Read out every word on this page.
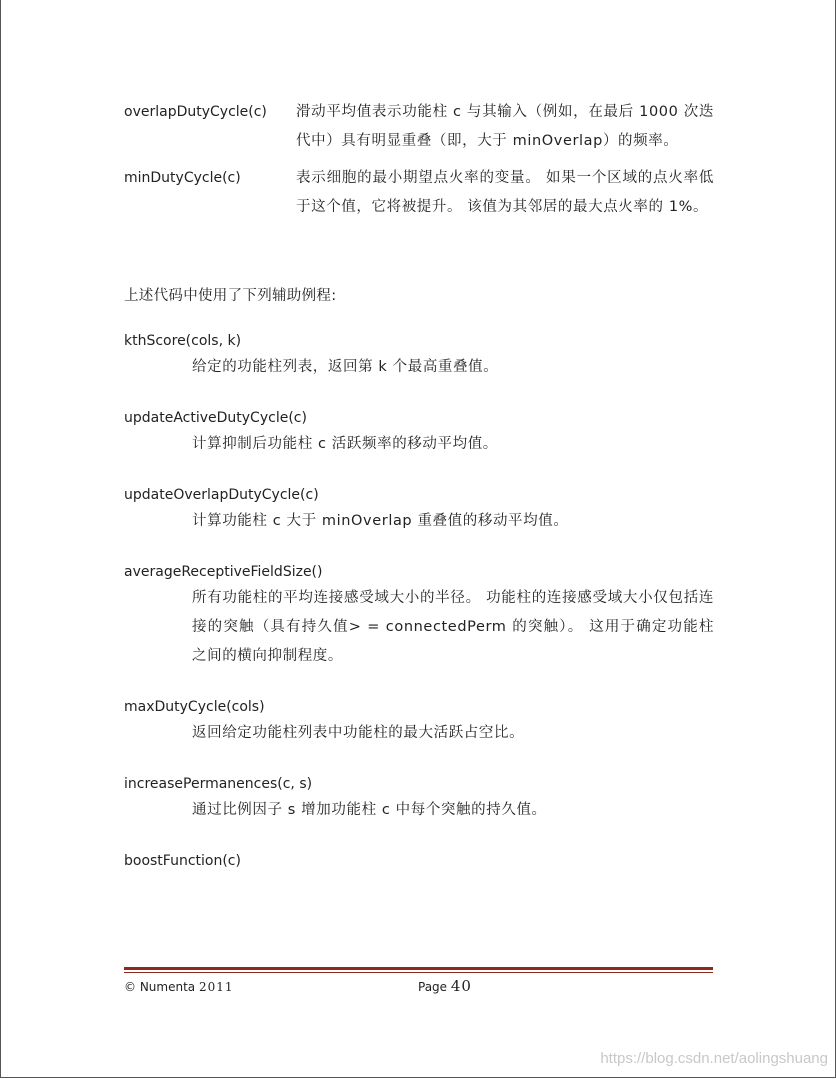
overlapDutyCycle(c)	滑动平均值表示功能柱 c 与其输入（例如，在最后 1000 次迭代中）具有明显重叠（即，大于 minOverlap）的频率。
minDutyCycle(c)	表示细胞的最小期望点火率的变量。 如果一个区域的点火率低于这个值，它将被提升。 该值为其邻居的最大点火率的 1%。
上述代码中使用了下列辅助例程:
kthScore(cols, k)
给定的功能柱列表，返回第 k 个最高重叠值。
updateActiveDutyCycle(c)
计算抑制后功能柱 c 活跃频率的移动平均值。
updateOverlapDutyCycle(c)
计算功能柱 c 大于 minOverlap 重叠值的移动平均值。
averageReceptiveFieldSize()
所有功能柱的平均连接感受域大小的半径。 功能柱的连接感受域大小仅包括连接的突触（具有持久值> = connectedPerm 的突触）。 这用于确定功能柱之间的横向抑制程度。
maxDutyCycle(cols)
返回给定功能柱列表中功能柱的最大活跃占空比。
increasePermanences(c, s)
通过比例因子 s 增加功能柱 c 中每个突触的持久值。
boostFunction(c)
© Numenta 2011	Page 40
https://blog.csdn.net/aolingshuang
